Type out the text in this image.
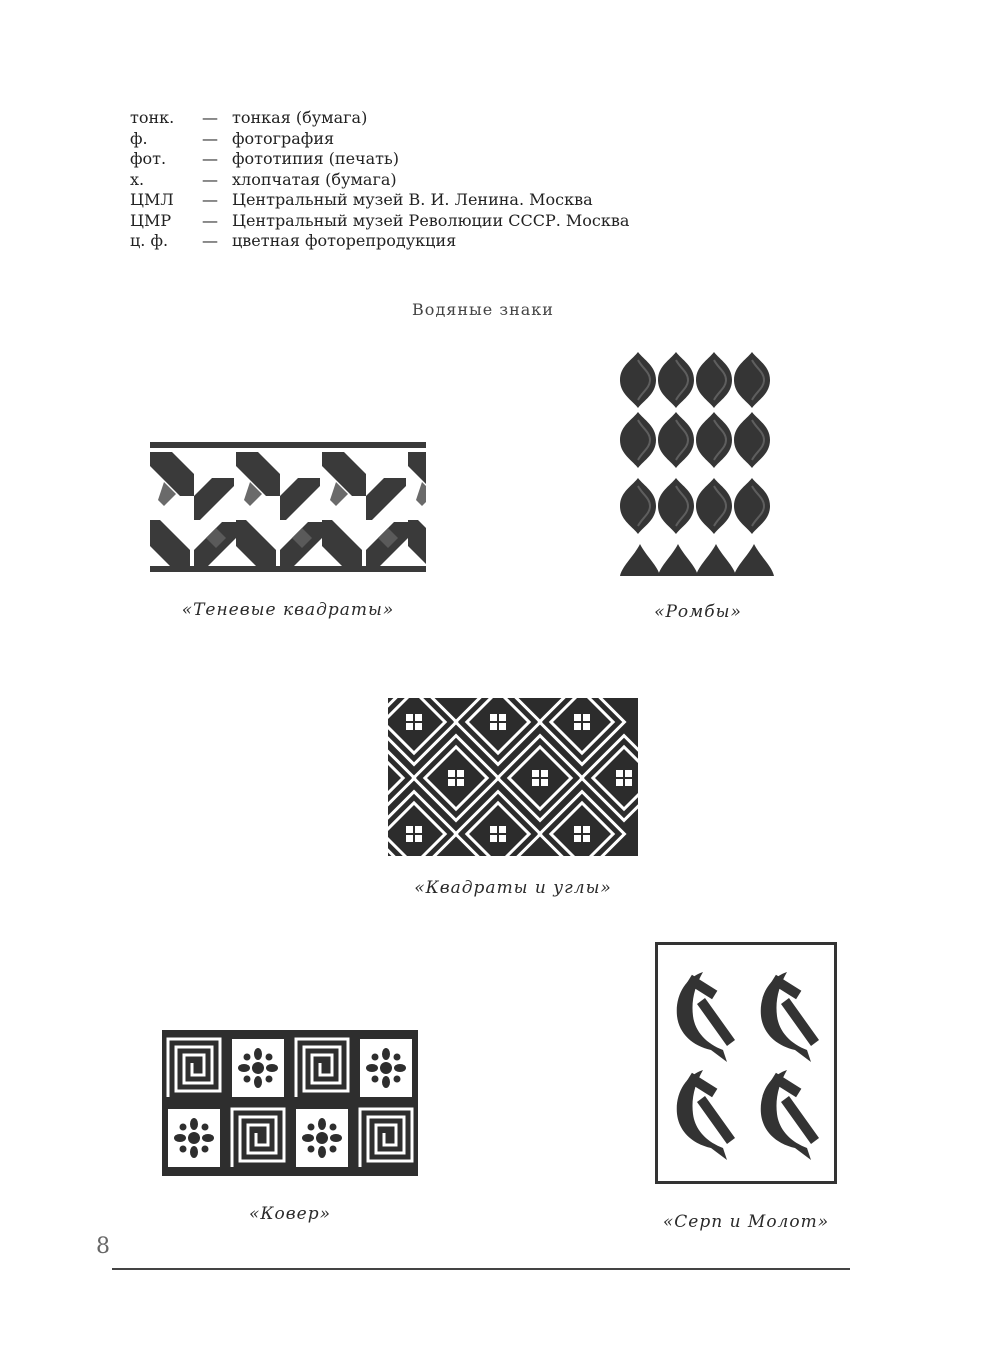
тонк.	— тонкая (бумага)
ф.	— фотография
фот.	— фототипия (печать)
х.	— хлопчатая (бумага)
ЦМЛ	— Центральный музей В. И. Ленина. Москва
ЦМР	— Центральный музей Революции СССР. Москва
ц. ф.	— цветная фоторепродукция
Водяные знаки
«Теневые квадраты»	«Ромбы»
«Квадраты и углы»
«Ковер»	«Серп и Молот»
8
